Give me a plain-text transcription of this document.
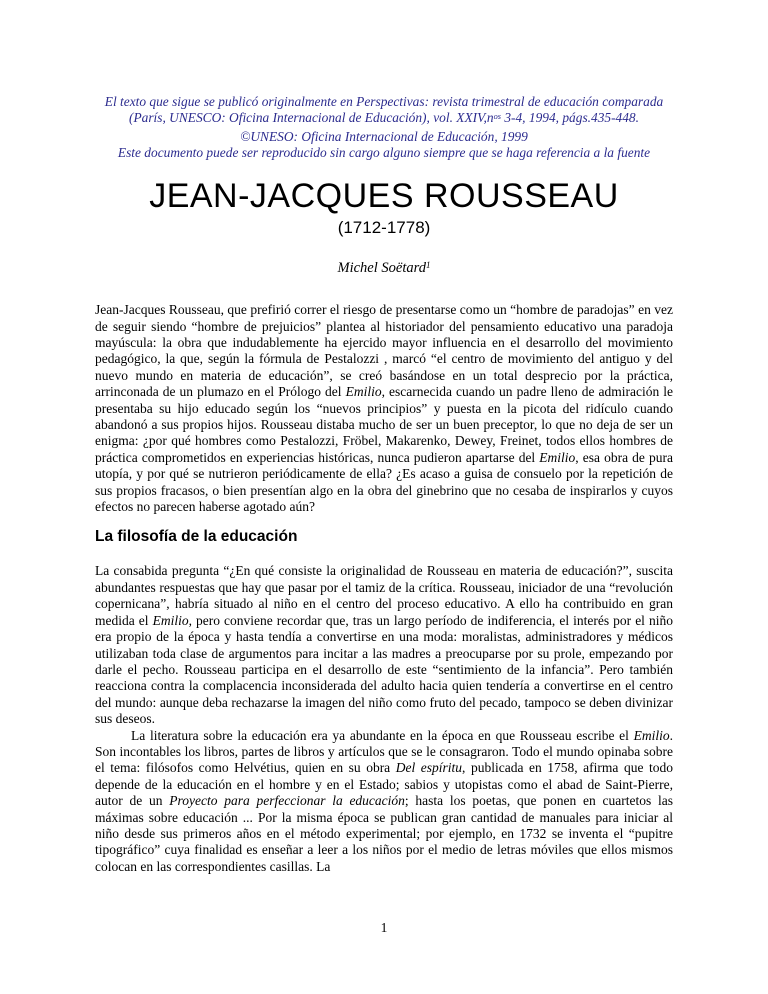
El texto que sigue se publicó originalmente en Perspectivas: revista trimestral de educación comparada (París, UNESCO: Oficina Internacional de Educación), vol. $XXIV,n^{os}$ 3-4, 1994, págs.435-448.

©UNESO: Oficina Internacional de Educación, 1999

Este documento puede ser reproducido sin cargo alguno siempre que se haga referencia a la fuente

JEAN-JACQUES ROUSSEAU
(1712-1778)
Michel Soëtard$^1$

Jean-Jacques Rousseau, que prefirió correr el riesgo de presentarse como un “hombre de paradojas” en vez de seguir siendo “hombre de prejuicios” plantea al historiador del pensamiento educativo una paradoja mayúscula: la obra que indudablemente ha ejercido mayor influencia en el desarrollo del movimiento pedagógico, la que, según la fórmula de Pestalozzi , marcó “el centro de movimiento del antiguo y del nuevo mundo en materia de educación”, se creó basándose en un total desprecio por la práctica, arrinconada de un plumazo en el Prólogo del Emilio, escarnecida cuando un padre lleno de admiración le presentaba su hijo educado según los “nuevos principios” y puesta en la picota del ridículo cuando abandonó a sus propios hijos. Rousseau distaba mucho de ser un buen preceptor, lo que no deja de ser un enigma: ¿por qué hombres como Pestalozzi, Fröbel, Makarenko, Dewey, Freinet, todos ellos hombres de práctica comprometidos en experiencias históricas, nunca pudieron apartarse del Emilio, esa obra de pura utopía, y por qué se nutrieron periódicamente de ella? ¿Es acaso a guisa de consuelo por la repetición de sus propios fracasos, o bien presentían algo en la obra del ginebrino que no cesaba de inspirarlos y cuyos efectos no parecen haberse agotado aún?

La filosofía de la educación

La consabida pregunta “¿En qué consiste la originalidad de Rousseau en materia de educación?”, suscita abundantes respuestas que hay que pasar por el tamiz de la crítica. Rousseau, iniciador de una “revolución copernicana”, habría situado al niño en el centro del proceso educativo. A ello ha contribuido en gran medida el Emilio, pero conviene recordar que, tras un largo período de indiferencia, el interés por el niño era propio de la época y hasta tendía a convertirse en una moda: moralistas, administradores y médicos utilizaban toda clase de argumentos para incitar a las madres a preocuparse por su prole, empezando por darle el pecho. Rousseau participa en el desarrollo de este “sentimiento de la infancia”. Pero también reacciona contra la complacencia inconsiderada del adulto hacia quien tendería a convertirse en el centro del mundo: aunque deba rechazarse la imagen del niño como fruto del pecado, tampoco se deben divinizar sus deseos.

La literatura sobre la educación era ya abundante en la época en que Rousseau escribe el Emilio. Son incontables los libros, partes de libros y artículos que se le consagraron. Todo el mundo opinaba sobre el tema: filósofos como Helvétius, quien en su obra Del espíritu, publicada en 1758, afirma que todo depende de la educación en el hombre y en el Estado; sabios y utopistas como el abad de Saint-Pierre, autor de un Proyecto para perfeccionar la educación; hasta los poetas, que ponen en cuartetos las máximas sobre educación ... Por la misma época se publican gran cantidad de manuales para iniciar al niño desde sus primeros años en el método experimental; por ejemplo, en 1732 se inventa el “pupitre tipográfico” cuya finalidad es enseñar a leer a los niños por el medio de letras móviles que ellos mismos colocan en las correspondientes casillas. La

1
